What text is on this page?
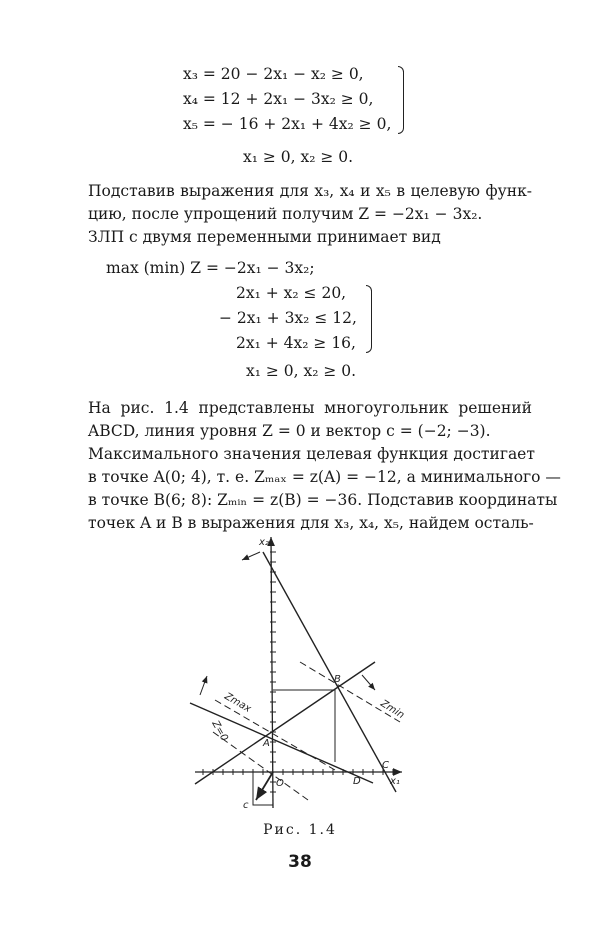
x₃ = 20 − 2x₁ − x₂ ≥ 0,
x₄ = 12 + 2x₁ − 3x₂ ≥ 0,
x₅ = − 16 + 2x₁ + 4x₂ ≥ 0,
x₁ ≥ 0, x₂ ≥ 0.
Подставив выражения для x₃, x₄ и x₅ в целевую функ-
цию, после упрощений получим Z = −2x₁ − 3x₂.
ЗЛП с двумя переменными принимает вид
max (min) Z = −2x₁ − 3x₂;
2x₁ + x₂ ≤ 20,
− 2x₁ + 3x₂ ≤ 12,
2x₁ + 4x₂ ≥ 16,
x₁ ≥ 0, x₂ ≥ 0.
На рис. 1.4 представлены многоугольник решений
ABCD, линия уровня Z = 0 и вектор c = (−2; −3).
Максимального значения целевая функция достигает
в точке A(0; 4), т. е. Zₘₐₓ = z(A) = −12, а минимального —
в точке B(6; 8): Zₘᵢₙ = z(B) = −36. Подставив координаты
точек A и B в выражения для x₃, x₄, x₅, найдем осталь-
x₂
x₁
A
B
C
D
O
c
Zmax	Zmin
Z=0
Рис. 1.4
38
